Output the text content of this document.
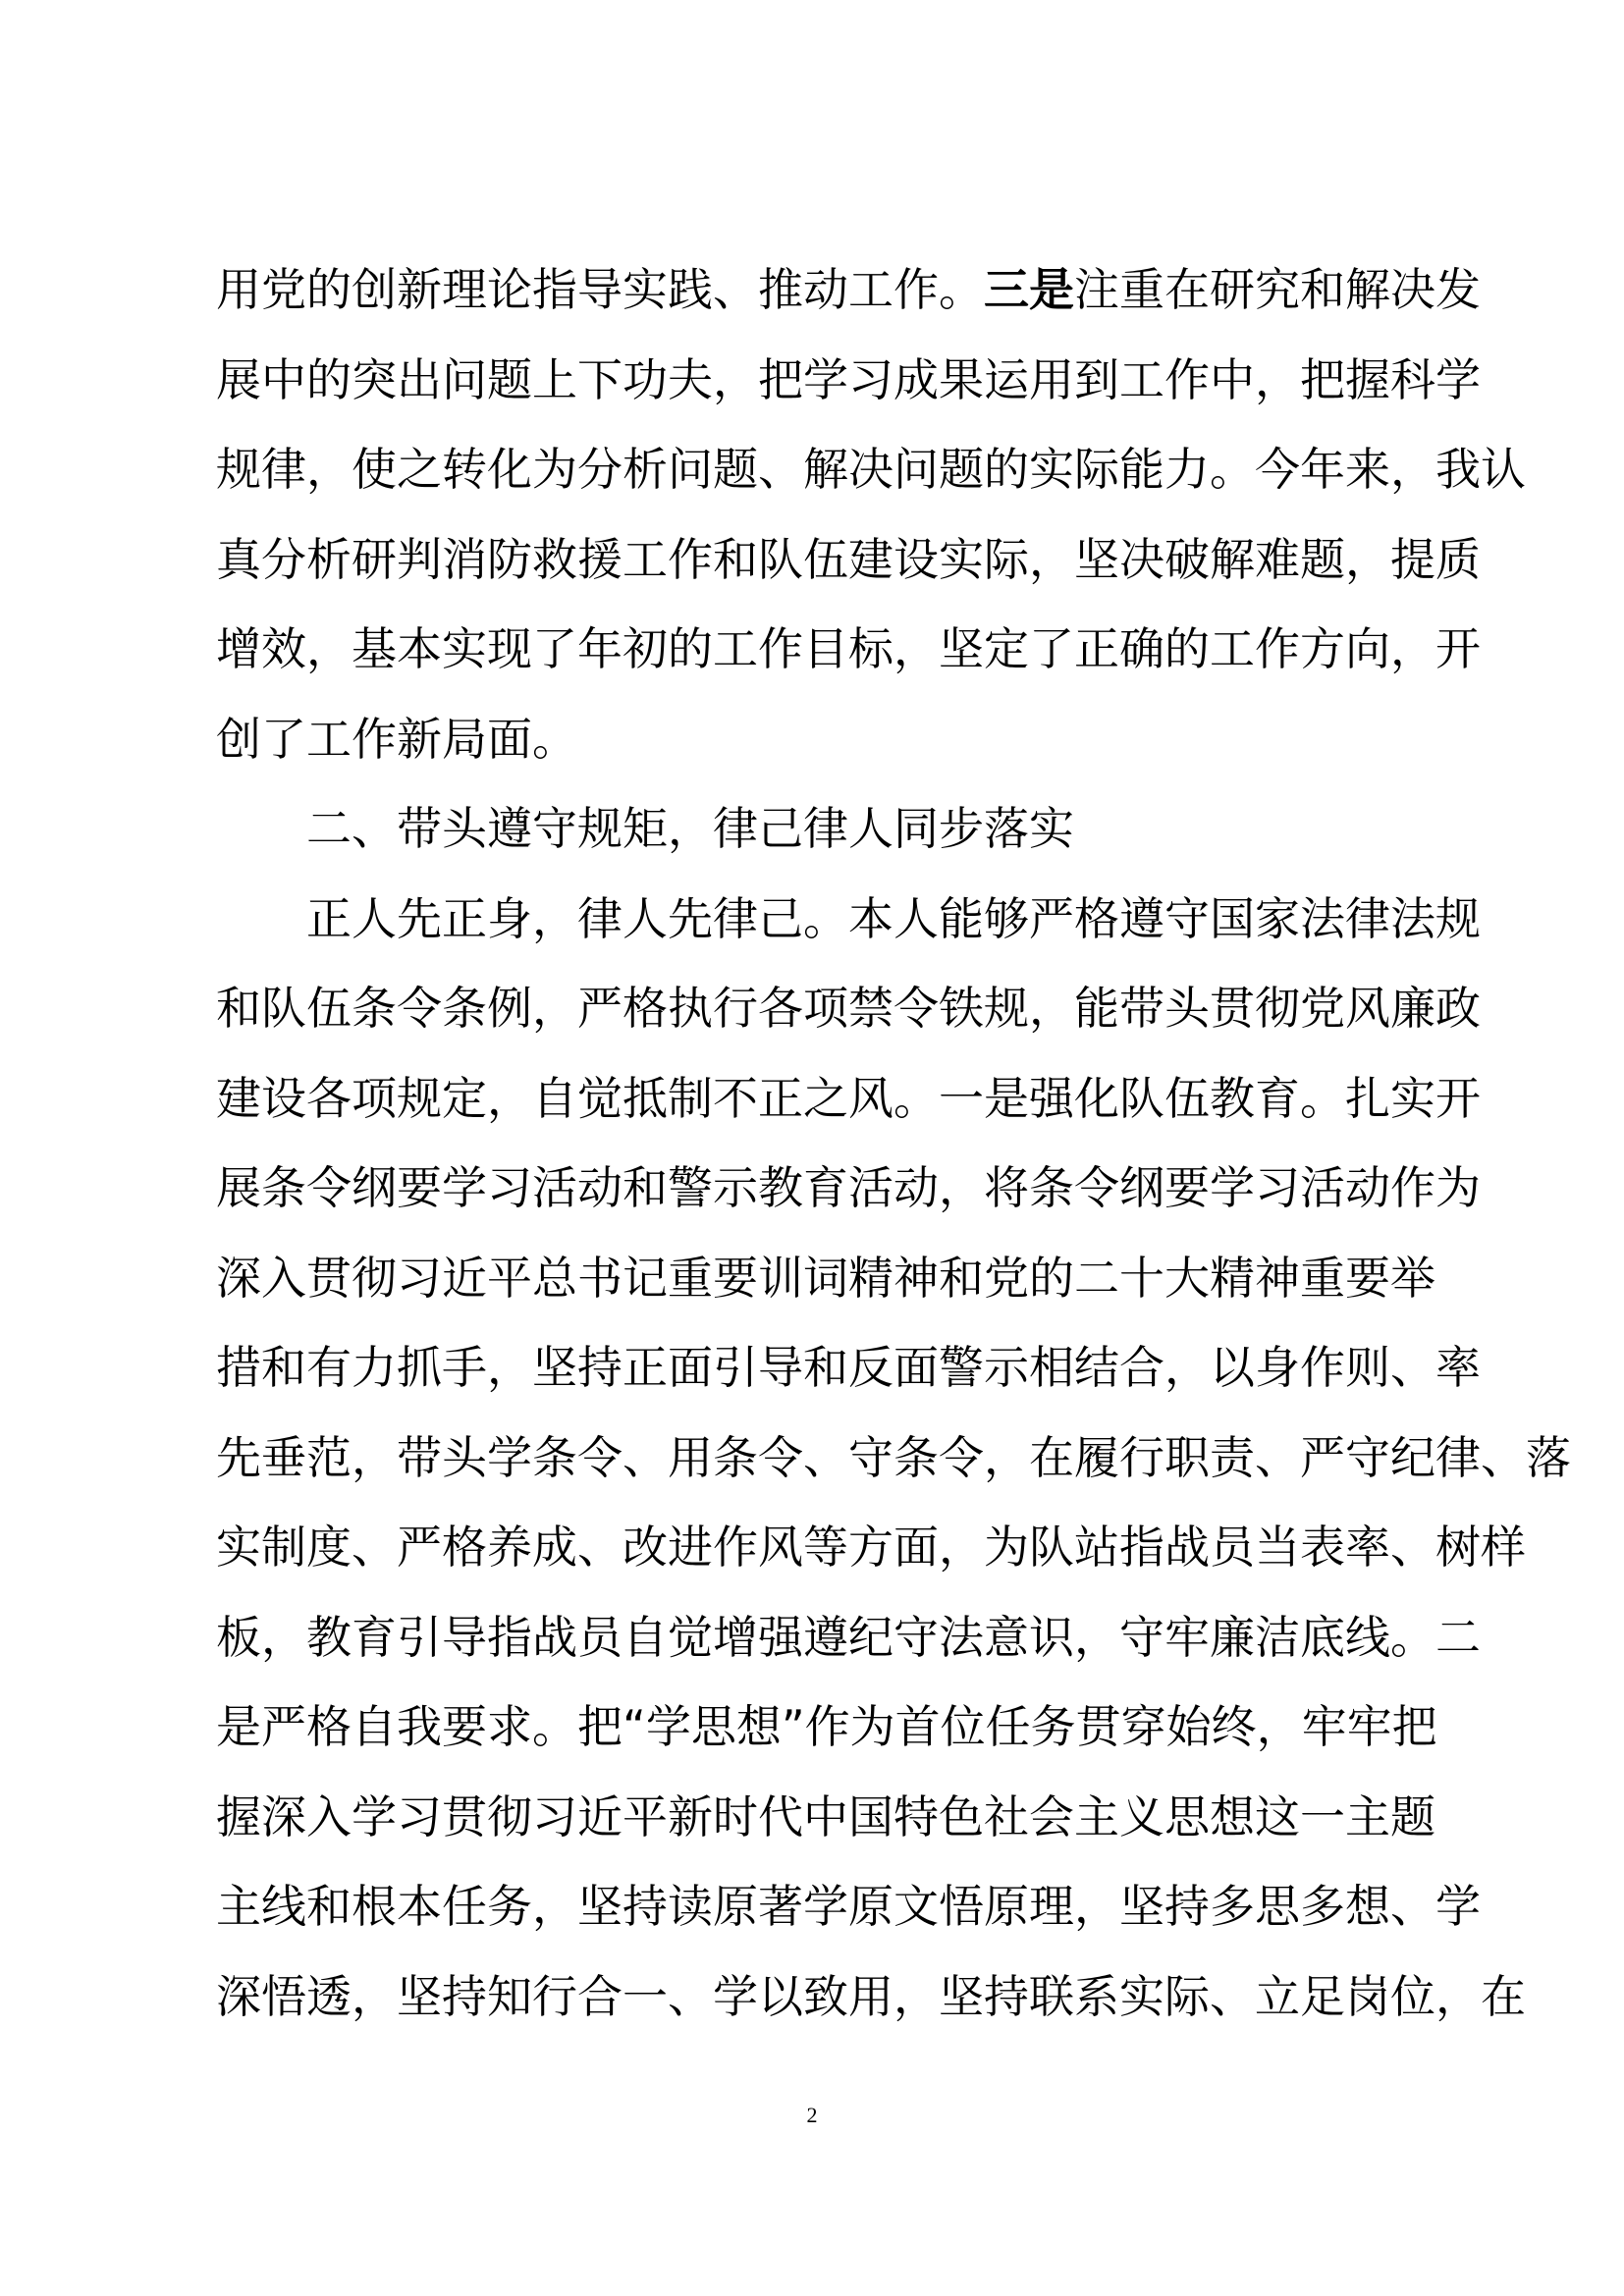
用党的创新理论指导实践、推动工作。三是注重在研究和解决发
展中的突出问题上下功夫，把学习成果运用到工作中，把握科学
规律，使之转化为分析问题、解决问题的实际能力。今年来，我认
真分析研判消防救援工作和队伍建设实际，坚决破解难题，提质
增效，基本实现了年初的工作目标，坚定了正确的工作方向，开
创了工作新局面。
二、带头遵守规矩，律己律人同步落实
正人先正身，律人先律己。本人能够严格遵守国家法律法规
和队伍条令条例，严格执行各项禁令铁规，能带头贯彻党风廉政
建设各项规定，自觉抵制不正之风。一是强化队伍教育。扎实开
展条令纲要学习活动和警示教育活动，将条令纲要学习活动作为
深入贯彻习近平总书记重要训词精神和党的二十大精神重要举
措和有力抓手，坚持正面引导和反面警示相结合，以身作则、率
先垂范，带头学条令、用条令、守条令，在履行职责、严守纪律、落
实制度、严格养成、改进作风等方面，为队站指战员当表率、树样
板，教育引导指战员自觉增强遵纪守法意识，守牢廉洁底线。二
是严格自我要求。把“学思想”作为首位任务贯穿始终，牢牢把
握深入学习贯彻习近平新时代中国特色社会主义思想这一主题
主线和根本任务，坚持读原著学原文悟原理，坚持多思多想、学
深悟透，坚持知行合一、学以致用，坚持联系实际、立足岗位，在
2
